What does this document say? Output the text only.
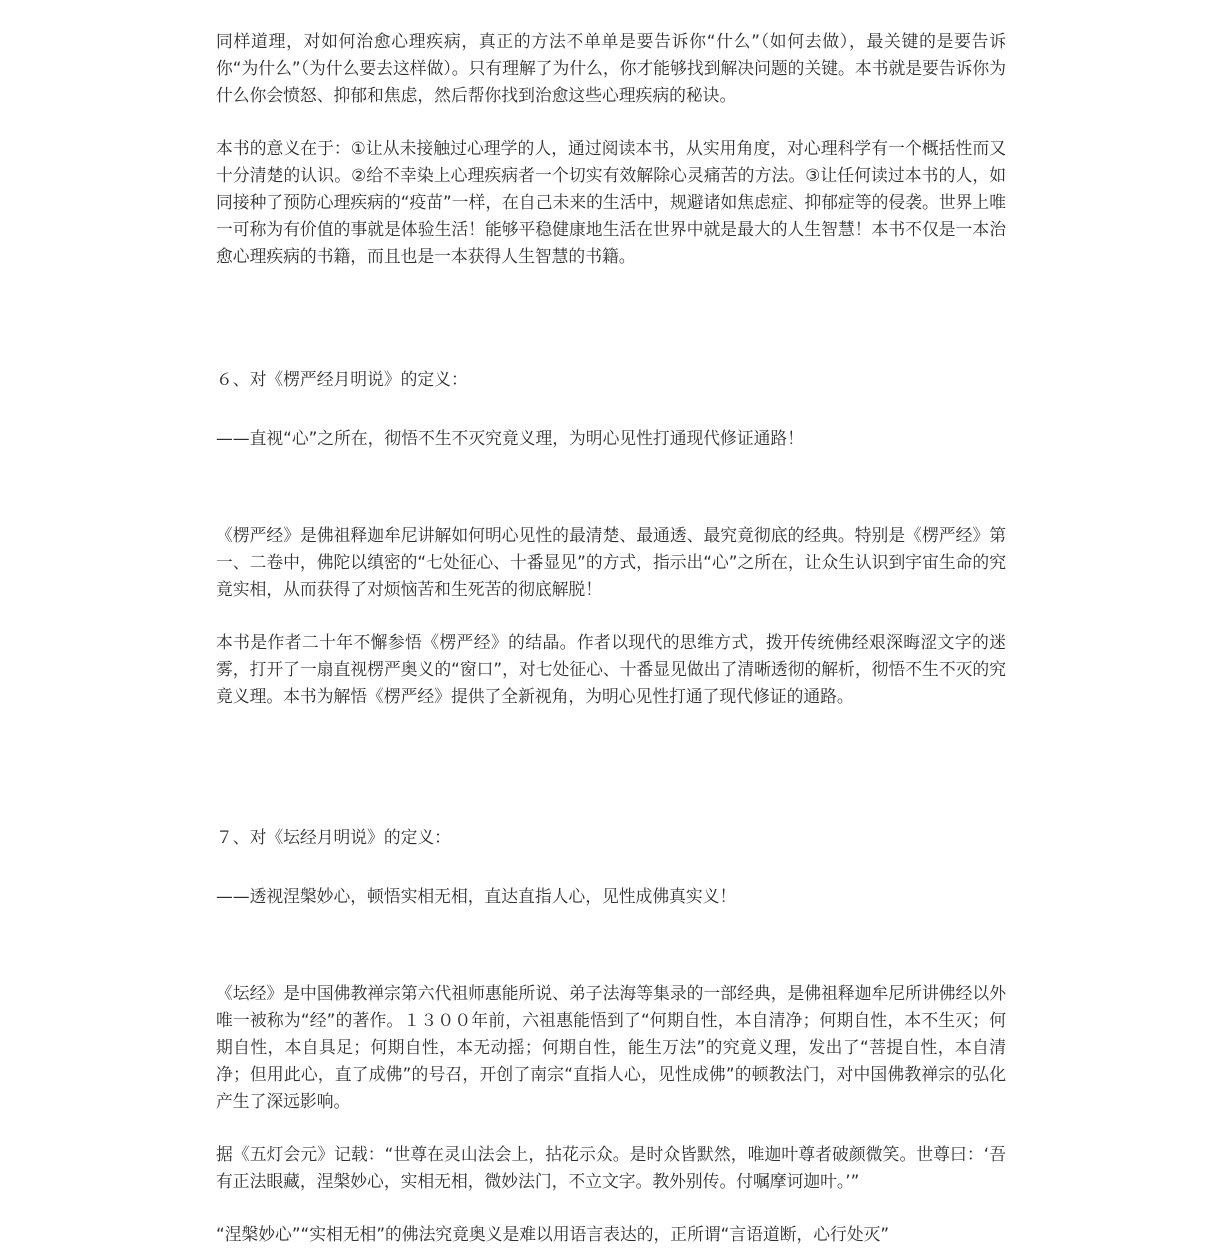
同样道理，对如何治愈心理疾病，真正的方法不单单是要告诉你“什么”（如何去做），最关键的是要告诉你“为什么”（为什么要去这样做）。只有理解了为什么，你才能够找到解决问题的关键。本书就是要告诉你为什么你会愤怒、抑郁和焦虑，然后帮你找到治愈这些心理疾病的秘诀。

本书的意义在于：①让从未接触过心理学的人，通过阅读本书，从实用角度，对心理科学有一个概括性而又十分清楚的认识。②给不幸染上心理疾病者一个切实有效解除心灵痛苦的方法。③让任何读过本书的人，如同接种了预防心理疾病的“疫苗”一样，在自己未来的生活中，规避诸如焦虑症、抑郁症等的侵袭。世界上唯一可称为有价值的事就是体验生活！能够平稳健康地生活在世界中就是最大的人生智慧！本书不仅是一本治愈心理疾病的书籍，而且也是一本获得人生智慧的书籍。

６、对《楞严经月明说》的定义：

——直视“心”之所在，彻悟不生不灭究竟义理，为明心见性打通现代修证通路！

《楞严经》是佛祖释迦牟尼讲解如何明心见性的最清楚、最通透、最究竟彻底的经典。特别是《楞严经》第一、二卷中，佛陀以缜密的“七处征心、十番显见”的方式，指示出“心”之所在，让众生认识到宇宙生命的究竟实相，从而获得了对烦恼苦和生死苦的彻底解脱！

本书是作者二十年不懈参悟《楞严经》的结晶。作者以现代的思维方式，拨开传统佛经艰深晦涩文字的迷雾，打开了一扇直视楞严奥义的“窗口”，对七处征心、十番显见做出了清晰透彻的解析，彻悟不生不灭的究竟义理。本书为解悟《楞严经》提供了全新视角，为明心见性打通了现代修证的通路。

７、对《坛经月明说》的定义：

——透视涅槃妙心，顿悟实相无相，直达直指人心，见性成佛真实义！

《坛经》是中国佛教禅宗第六代祖师惠能所说、弟子法海等集录的一部经典，是佛祖释迦牟尼所讲佛经以外唯一被称为“经”的著作。１３００年前，六祖惠能悟到了“何期自性，本自清净；何期自性，本不生灭；何期自性，本自具足；何期自性，本无动摇；何期自性，能生万法”的究竟义理，发出了“菩提自性，本自清净；但用此心，直了成佛”的号召，开创了南宗“直指人心，见性成佛”的顿教法门，对中国佛教禅宗的弘化产生了深远影响。

据《五灯会元》记载：“世尊在灵山法会上，拈花示众。是时众皆默然，唯迦叶尊者破颜微笑。世尊曰：‘吾有正法眼藏，涅槃妙心，实相无相，微妙法门，不立文字。教外别传。付嘱摩诃迦叶。’”

“涅槃妙心”“实相无相”的佛法究竟奥义是难以用语言表达的，正所谓“言语道断，心行处灭”
